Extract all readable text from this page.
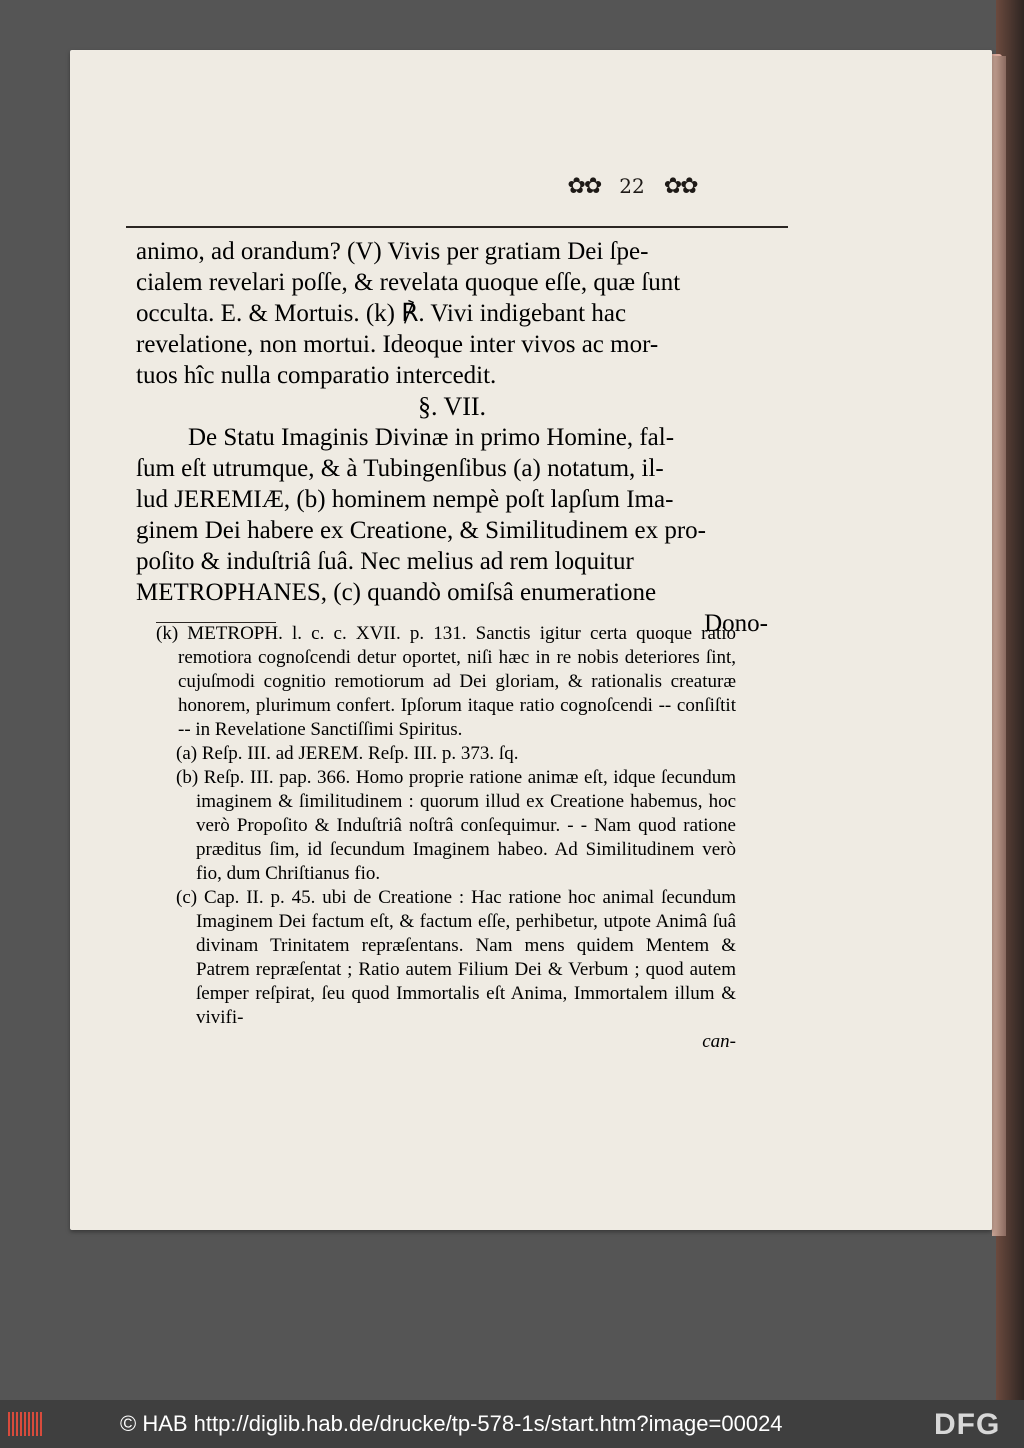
✿✿ 22 ✿✿

animo, ad orandum? (V) Vivis per gratiam Dei ſpe-

cialem revelari poſſe, & revelata quoque eſſe, quæ ſunt

occulta. E. & Mortuis. (k) ℟. Vivi indigebant hac

revelatione, non mortui. Ideoque inter vivos ac mor-

tuos hîc nulla comparatio intercedit.

§. VII.

De Statu Imaginis Divinæ in primo Homine, fal-

ſum eſt utrumque, & à Tubingenſibus (a) notatum, il-

lud JEREMIÆ, (b) hominem nempè poſt lapſum Ima-

ginem Dei habere ex Creatione, & Similitudinem ex pro-

poſito & induſtriâ ſuâ. Nec melius ad rem loquitur

METROPHANES, (c) quandò omiſsâ enumeratione

Dono-

(k) METROPH. l. c. c. XVII. p. 131. Sanctis igitur certa quoque ratio remotiora cognoſcendi detur oportet, niſi hæc in re nobis deteriores ſint, cujuſmodi cognitio remotiorum ad Dei gloriam, & rationalis creaturæ honorem, plurimum confert. Ipſorum itaque ratio cognoſcendi -- conſiſtit -- in Revelatione Sanctiſſimi Spiritus.

(a) Reſp. III. ad JEREM. Reſp. III. p. 373. ſq.

(b) Reſp. III. pap. 366. Homo proprie ratione animæ eſt, idque ſecundum imaginem & ſimilitudinem : quorum illud ex Creatione habemus, hoc verò Propoſito & Induſtriâ noſtrâ conſequimur. - - Nam quod ratione præditus ſim, id ſecundum Imaginem habeo. Ad Similitudinem verò fio, dum Chriſtianus fio.

(c) Cap. II. p. 45. ubi de Creatione : Hac ratione hoc animal ſecundum Imaginem Dei factum eſt, & factum eſſe, perhibetur, utpote Animâ ſuâ divinam Trinitatem repræſentans. Nam mens quidem Mentem & Patrem repræſentat ; Ratio autem Filium Dei & Verbum ; quod autem ſemper reſpirat, ſeu quod Immortalis eſt Anima, Immortalem illum & vivifi-

can-

© HAB http://diglib.hab.de/drucke/tp-578-1s/start.htm?image=00024	DFG
